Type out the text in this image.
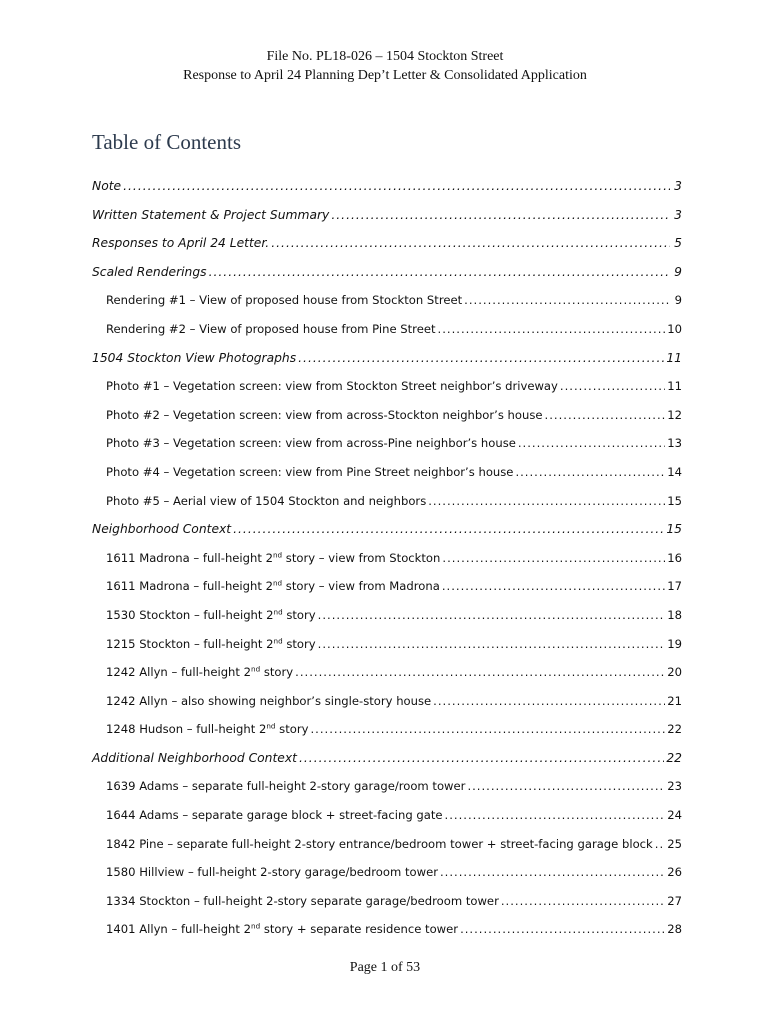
File No. PL18-026 – 1504 Stockton Street
Response to April 24 Planning Dep’t Letter & Consolidated Application
Table of Contents
Note .....	3
Written Statement & Project Summary .....	3
Responses to April 24 Letter. .....	5
Scaled Renderings .....	9
Rendering #1 – View of proposed house from Stockton Street .....	9
Rendering #2 – View of proposed house from Pine Street .....	10
1504 Stockton View Photographs .....	11
Photo #1 – Vegetation screen: view from Stockton Street neighbor’s driveway .....	11
Photo #2 – Vegetation screen: view from across-Stockton neighbor’s house .....	12
Photo #3 – Vegetation screen: view from across-Pine neighbor’s house .....	13
Photo #4 – Vegetation screen: view from Pine Street neighbor’s house .....	14
Photo #5 – Aerial view of 1504 Stockton and neighbors .....	15
Neighborhood Context .....	15
1611 Madrona – full-height 2nd story – view from Stockton .....	16
1611 Madrona – full-height 2nd story – view from Madrona .....	17
1530 Stockton – full-height 2nd story .....	18
1215 Stockton – full-height 2nd story .....	19
1242 Allyn – full-height 2nd story .....	20
1242 Allyn – also showing neighbor’s single-story house .....	21
1248 Hudson – full-height 2nd story .....	22
Additional Neighborhood Context .....	22
1639 Adams – separate full-height 2-story garage/room tower .....	23
1644 Adams – separate garage block + street-facing gate .....	24
1842 Pine – separate full-height 2-story entrance/bedroom tower + street-facing garage block ..... 25
1580 Hillview – full-height 2-story garage/bedroom tower .....	26
1334 Stockton – full-height 2-story separate garage/bedroom tower .....	27
1401 Allyn – full-height 2nd story + separate residence tower .....	28
Page 1 of 53
